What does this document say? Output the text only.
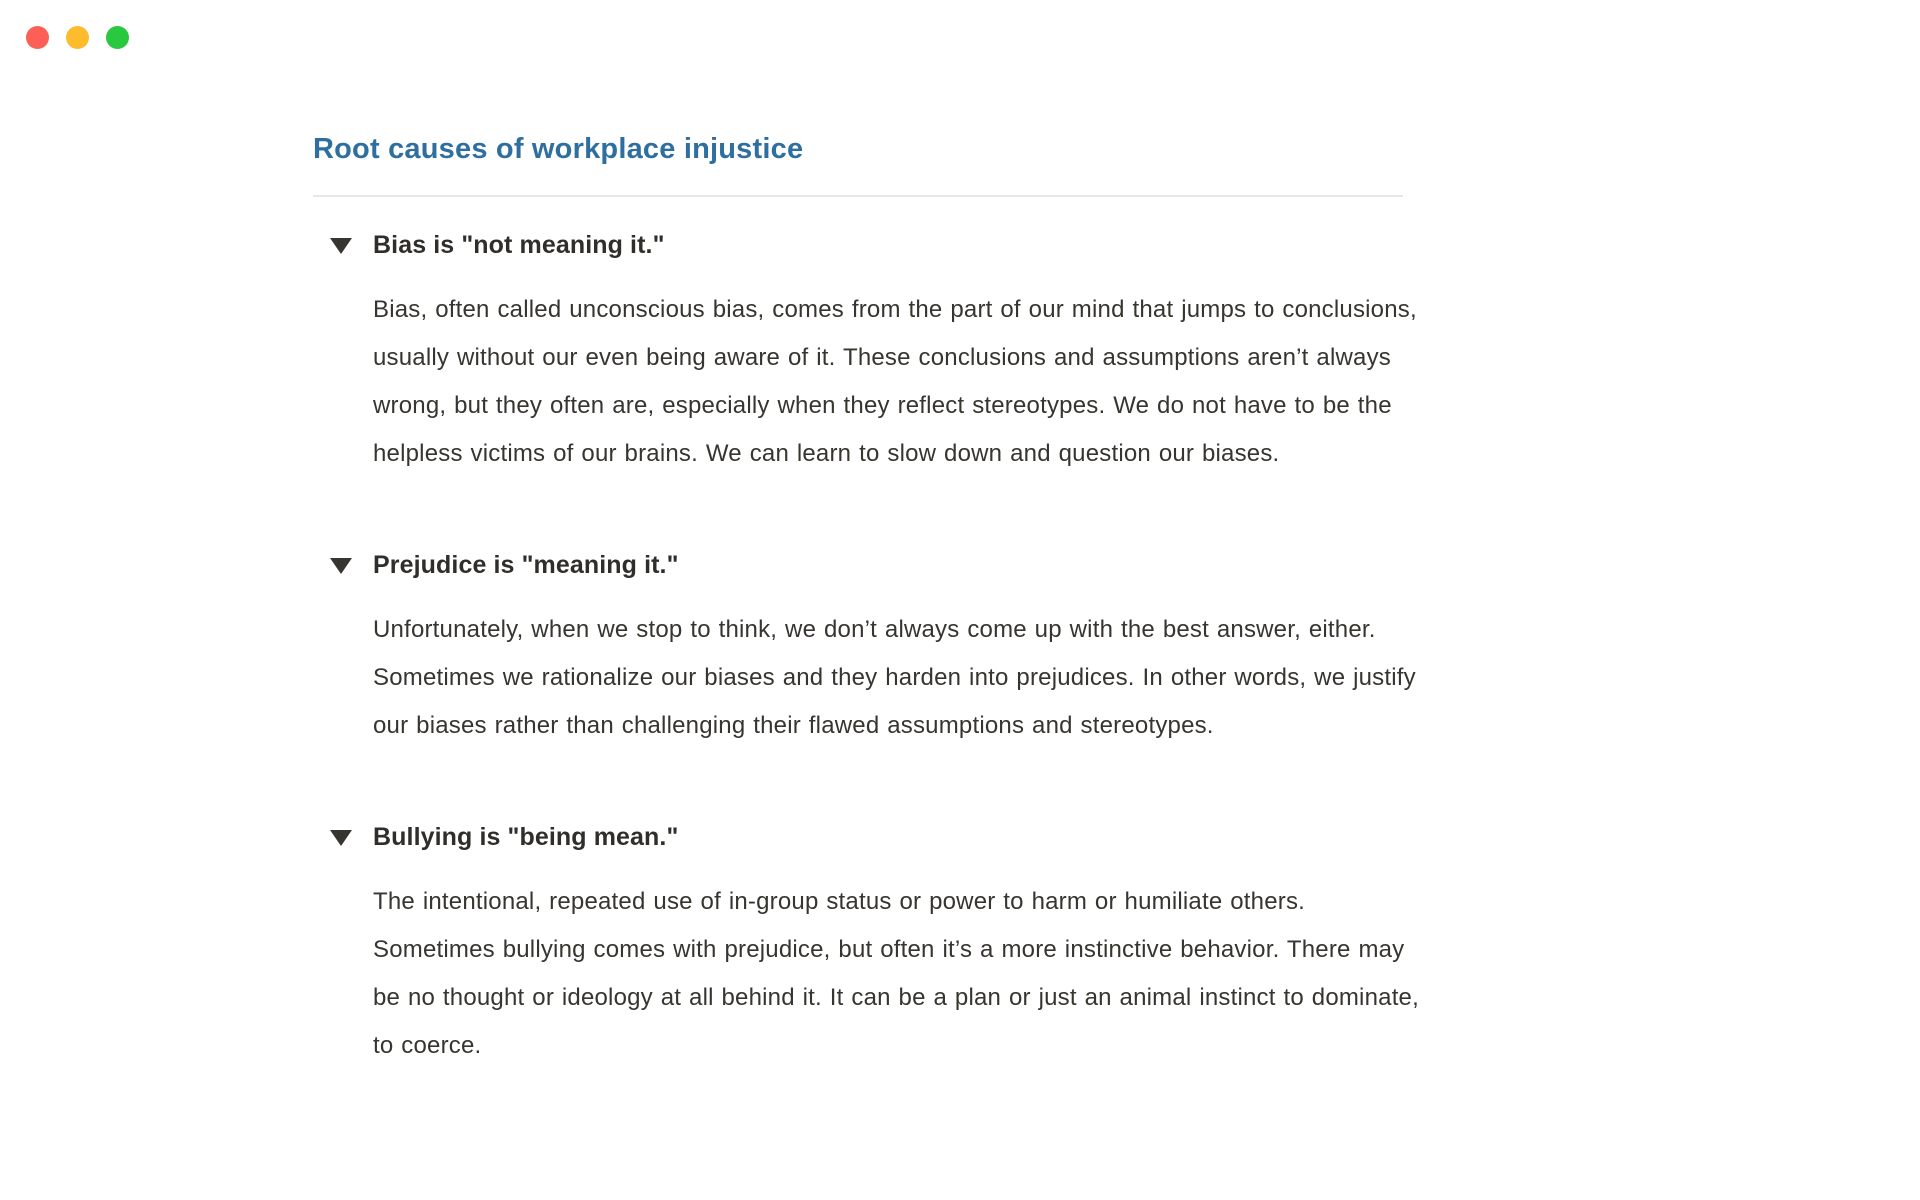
Root causes of workplace injustice
Bias is "not meaning it."
Bias, often called unconscious bias, comes from the part of our mind that jumps to conclusions,
usually without our even being aware of it. These conclusions and assumptions aren’t always
wrong, but they often are, especially when they reflect stereotypes. We do not have to be the
helpless victims of our brains. We can learn to slow down and question our biases.
Prejudice is "meaning it."
Unfortunately, when we stop to think, we don’t always come up with the best answer, either.
Sometimes we rationalize our biases and they harden into prejudices. In other words, we justify
our biases rather than challenging their flawed assumptions and stereotypes.
Bullying is "being mean."
The intentional, repeated use of in-group status or power to harm or humiliate others.
Sometimes bullying comes with prejudice, but often it’s a more instinctive behavior. There may
be no thought or ideology at all behind it. It can be a plan or just an animal instinct to dominate,
to coerce.
